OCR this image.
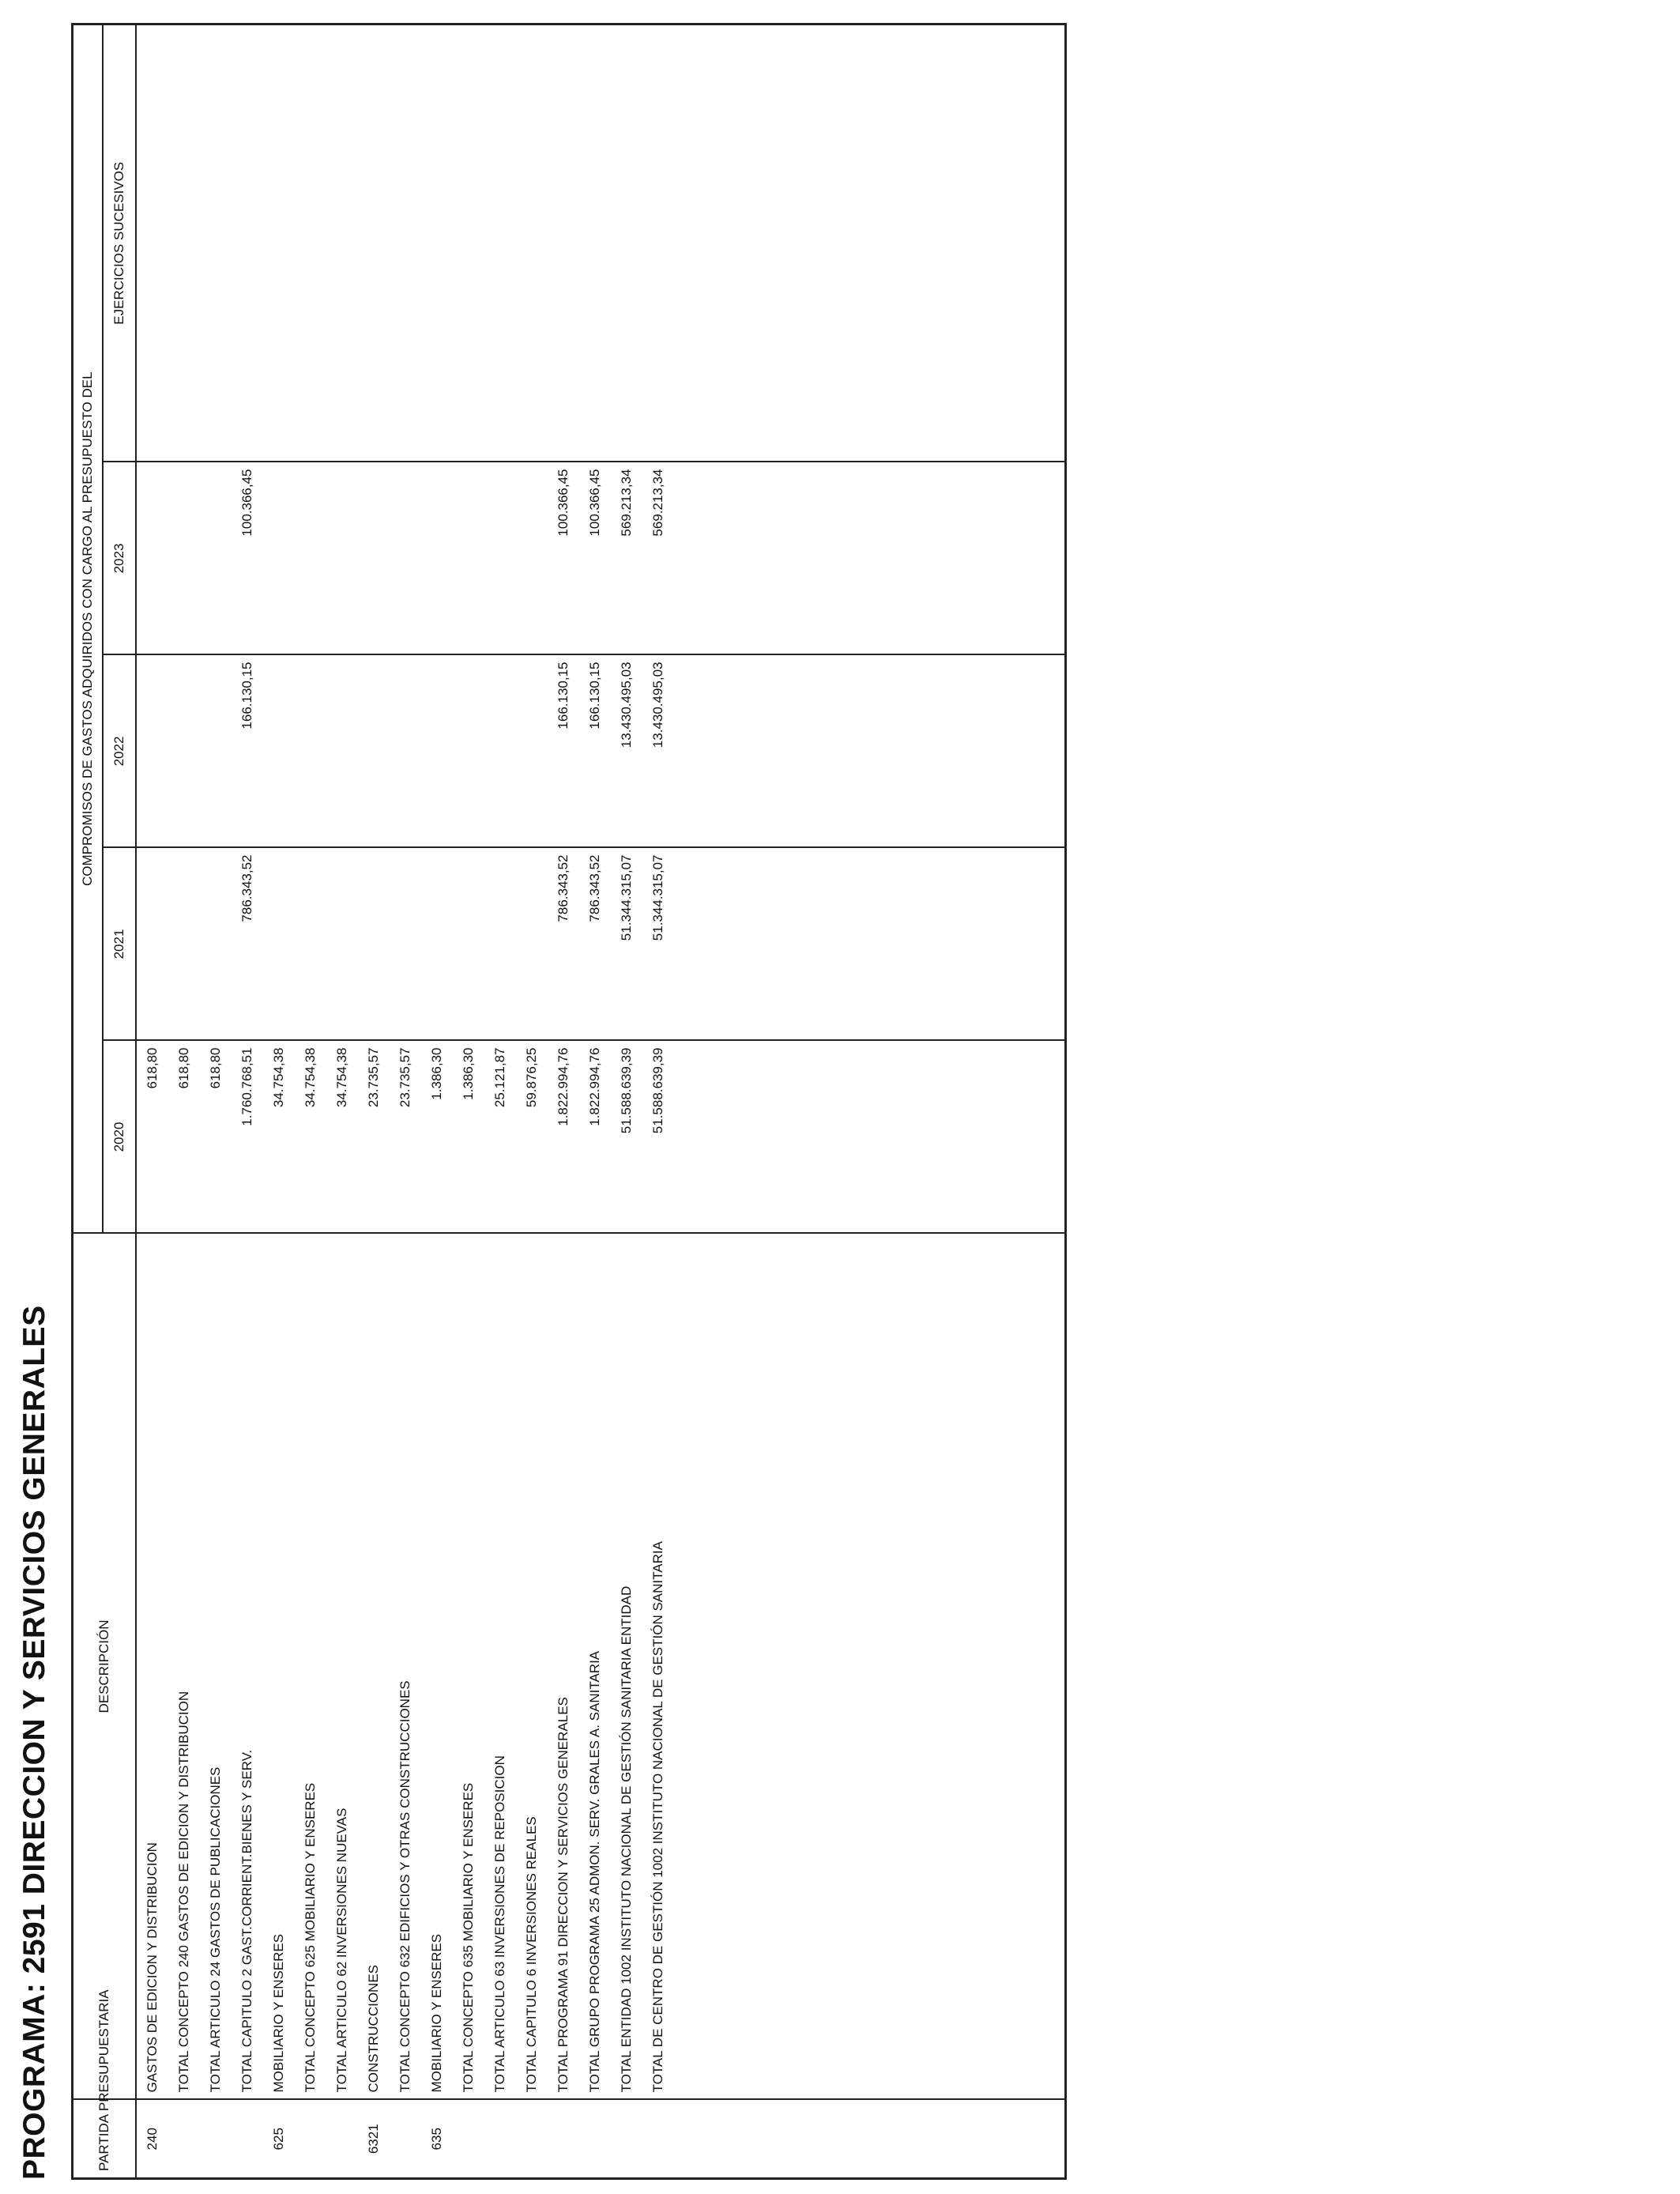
PROGRAMA: 2591 DIRECCION Y SERVICIOS GENERALES	PARTIDA PRESUPUESTARIA	DESCRIPCIÓN	COMPROMISOS DE GASTOS ADQUIRIDOS CON CARGO AL PRESUPUESTO DEL				
		2020	2021	2022	2023	EJERCICIOS SUCESIVOS
240	GASTOS DE EDICION Y DISTRIBUCION	618,80				
	TOTAL CONCEPTO 240 GASTOS DE EDICION Y DISTRIBUCION	618,80				
	TOTAL ARTICULO 24 GASTOS DE PUBLICACIONES	618,80				
	TOTAL CAPITULO 2 GAST.CORRIENT.BIENES Y SERV.	1.760.768,51	786.343,52	166.130,15	100.366,45	
625	MOBILIARIO Y ENSERES	34.754,38				
	TOTAL CONCEPTO 625 MOBILIARIO Y ENSERES	34.754,38				
	TOTAL ARTICULO 62 INVERSIONES NUEVAS	34.754,38				
6321	CONSTRUCCIONES	23.735,57				
	TOTAL CONCEPTO 632 EDIFICIOS Y OTRAS CONSTRUCCIONES	23.735,57				
635	MOBILIARIO Y ENSERES	1.386,30				
	TOTAL CONCEPTO 635 MOBILIARIO Y ENSERES	1.386,30				
	TOTAL ARTICULO 63 INVERSIONES DE REPOSICION	25.121,87				
	TOTAL CAPITULO 6 INVERSIONES REALES	59.876,25				
	TOTAL PROGRAMA 91 DIRECCION Y SERVICIOS GENERALES	1.822.994,76	786.343,52	166.130,15	100.366,45	
	TOTAL GRUPO PROGRAMA 25 ADMON. SERV. GRALES A. SANITARIA	1.822.994,76	786.343,52	166.130,15	100.366,45	
	TOTAL ENTIDAD 1002 INSTITUTO NACIONAL DE GESTIÓN SANITARIA ENTIDAD	51.588.639,39	51.344.315,07	13.430.495,03	569.213,34	
	TOTAL DE CENTRO DE GESTIÓN 1002 INSTITUTO NACIONAL DE GESTIÓN SANITARIA	51.588.639,39	51.344.315,07	13.430.495,03	569.213,34	
